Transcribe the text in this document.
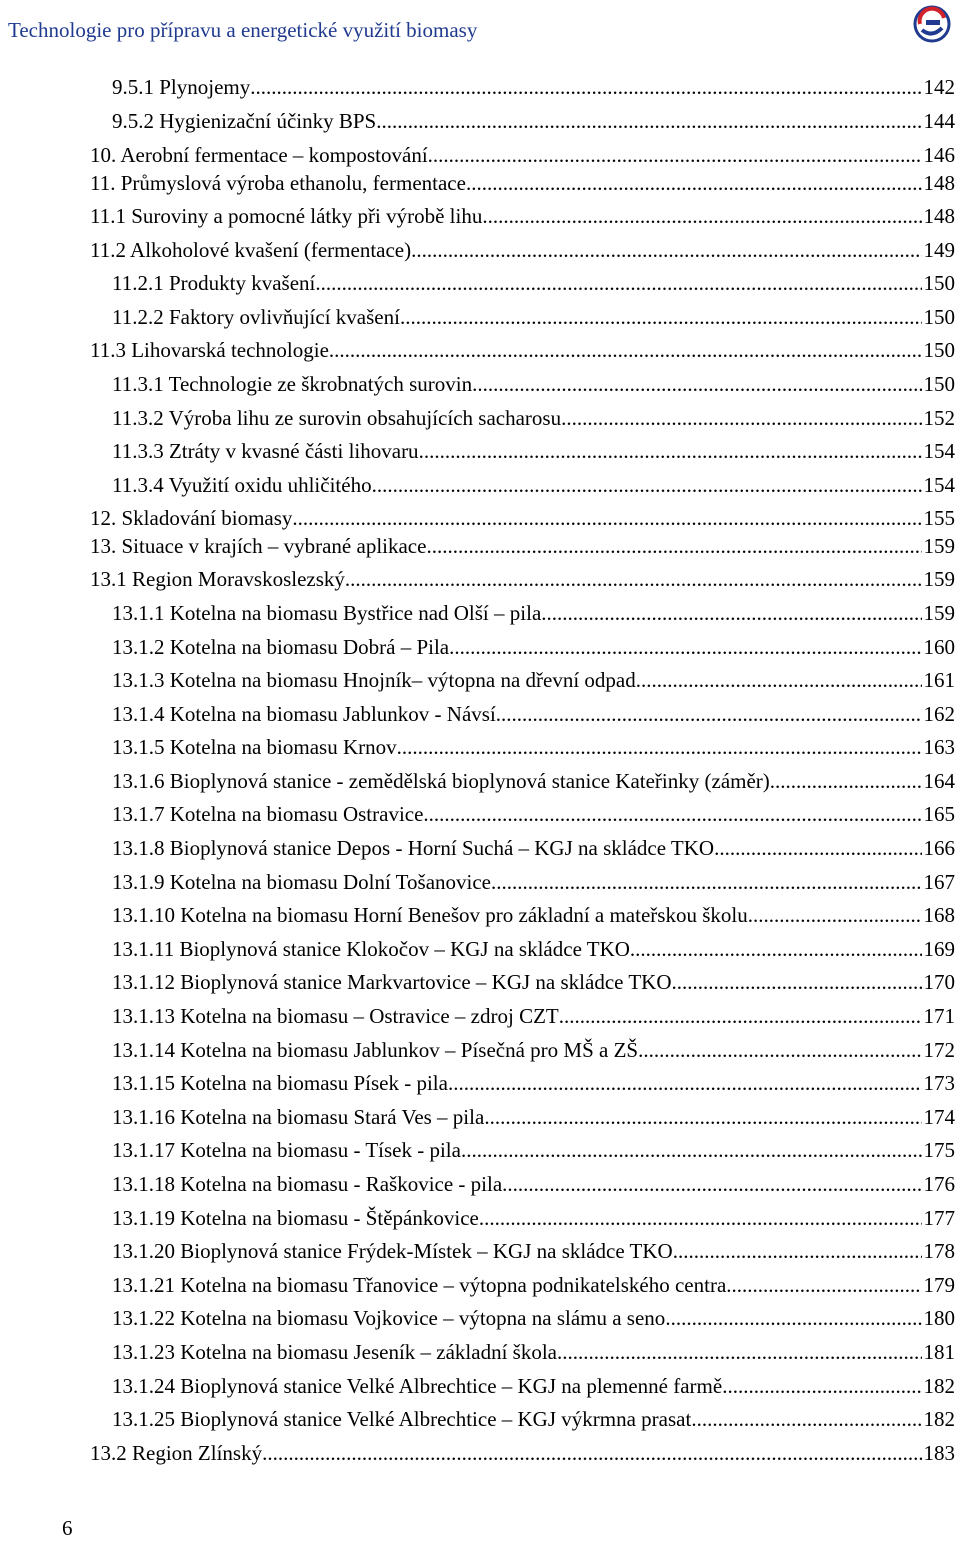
Technologie pro přípravu a energetické využití biomasy
9.5.1 Plynojemy .....	142
9.5.2 Hygienizační účinky BPS .....	144
10. Aerobní fermentace – kompostování .....	146
11. Průmyslová výroba ethanolu, fermentace .....	148
11.1 Suroviny a pomocné látky při výrobě lihu .....	148
11.2 Alkoholové kvašení (fermentace) .....	149
11.2.1 Produkty kvašení .....	150
11.2.2 Faktory ovlivňující kvašení .....	150
11.3 Lihovarská technologie .....	150
11.3.1 Technologie ze škrobnatých surovin .....	150
11.3.2 Výroba lihu ze surovin obsahujících sacharosu .....	152
11.3.3 Ztráty v kvasné části lihovaru .....	154
11.3.4 Využití oxidu uhličitého .....	154
12. Skladování biomasy .....	155
13. Situace v krajích – vybrané aplikace .....	159
13.1 Region Moravskoslezský .....	159
13.1.1 Kotelna na biomasu Bystřice nad Olší – pila .....	159
13.1.2 Kotelna na biomasu Dobrá – Pila .....	160
13.1.3 Kotelna na biomasu Hnojník– výtopna na dřevní odpad .....	161
13.1.4 Kotelna na biomasu Jablunkov - Návsí .....	162
13.1.5 Kotelna na biomasu Krnov .....	163
13.1.6 Bioplynová stanice - zemědělská bioplynová stanice Kateřinky (záměr) .....	164
13.1.7 Kotelna na biomasu Ostravice .....	165
13.1.8 Bioplynová stanice Depos - Horní Suchá – KGJ na skládce TKO .....	166
13.1.9 Kotelna na biomasu Dolní Tošanovice .....	167
13.1.10 Kotelna na biomasu Horní Benešov pro základní a mateřskou školu .....	168
13.1.11 Bioplynová stanice Klokočov – KGJ na skládce TKO .....	169
13.1.12 Bioplynová stanice Markvartovice – KGJ na skládce TKO .....	170
13.1.13 Kotelna na biomasu – Ostravice – zdroj CZT .....	171
13.1.14 Kotelna na biomasu Jablunkov – Písečná pro MŠ a ZŠ .....	172
13.1.15 Kotelna na biomasu Písek - pila .....	173
13.1.16 Kotelna na biomasu Stará Ves – pila .....	174
13.1.17 Kotelna na biomasu - Tísek - pila .....	175
13.1.18 Kotelna na biomasu - Raškovice - pila .....	176
13.1.19 Kotelna na biomasu - Štěpánkovice .....	177
13.1.20 Bioplynová stanice Frýdek-Místek – KGJ na skládce TKO .....	178
13.1.21 Kotelna na biomasu Třanovice – výtopna podnikatelského centra .....	179
13.1.22 Kotelna na biomasu Vojkovice – výtopna na slámu a seno .....	180
13.1.23 Kotelna na biomasu Jeseník – základní škola .....	181
13.1.24 Bioplynová stanice Velké Albrechtice – KGJ na plemenné farmě .....	182
13.1.25 Bioplynová stanice Velké Albrechtice – KGJ výkrmna prasat .....	182
13.2 Region Zlínský .....	183
6
